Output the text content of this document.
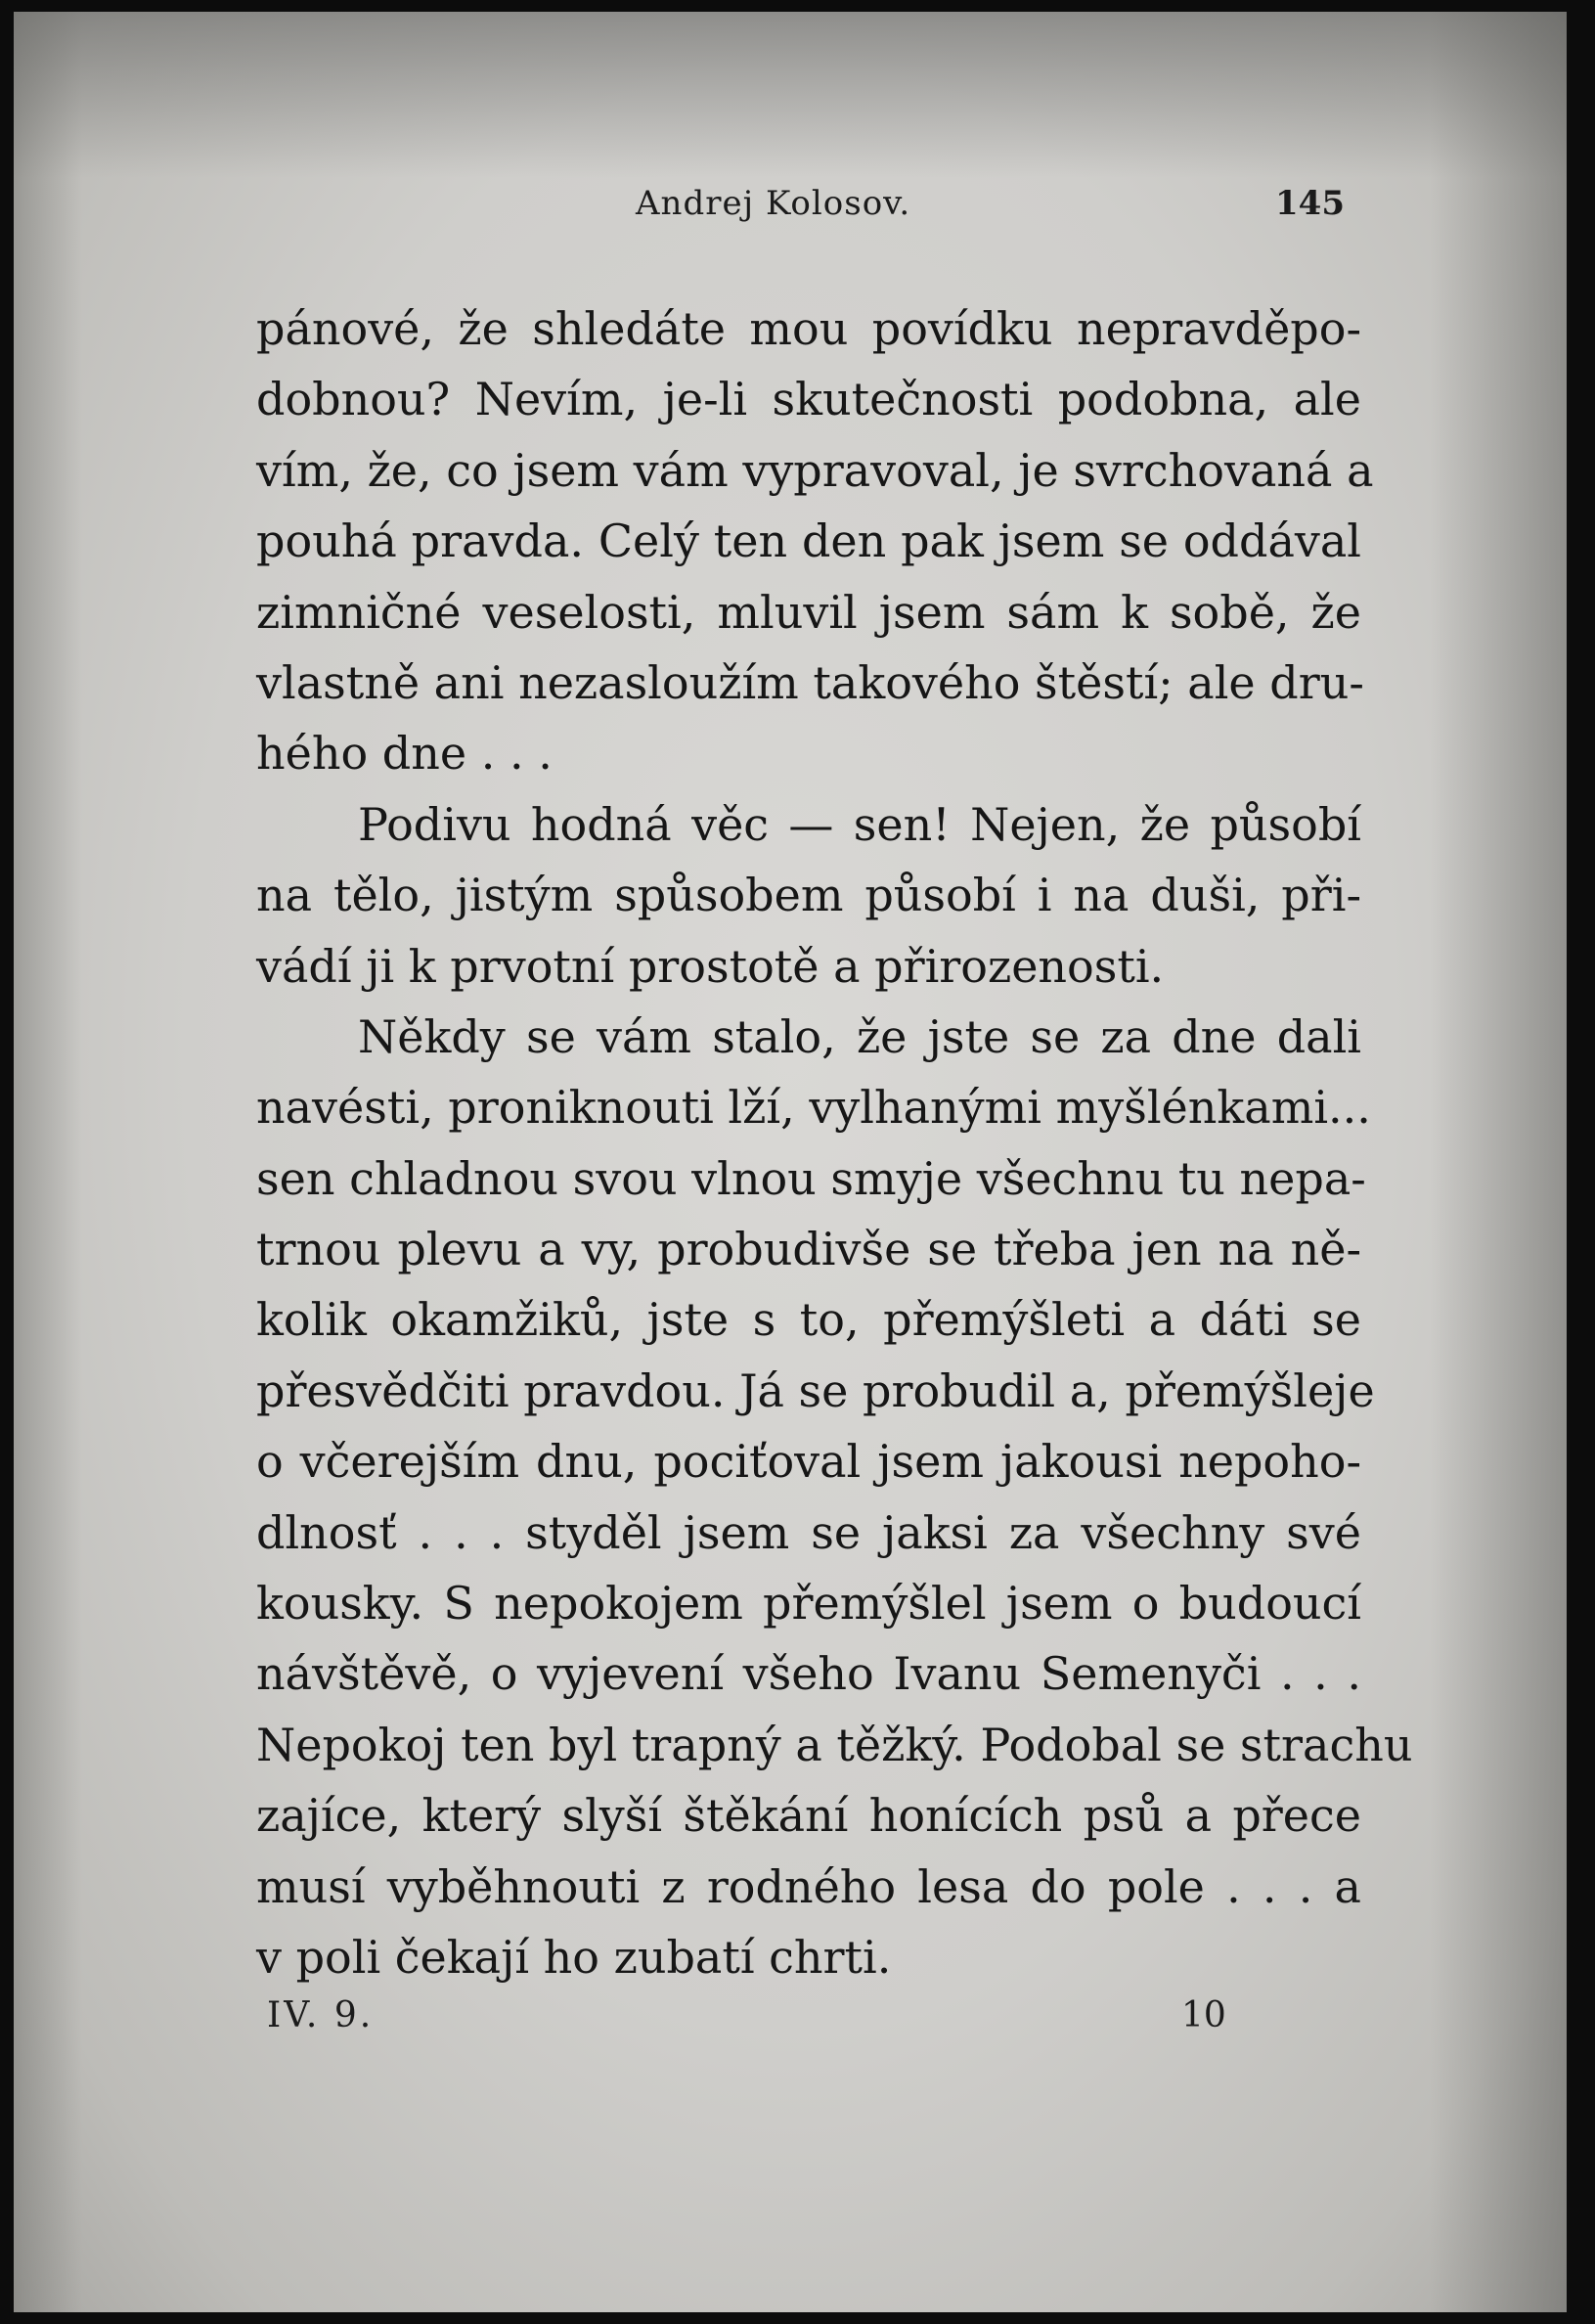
Andrej Kolosov.	145

pánové, že shledáte mou povídku nepravděpo-
dobnou? Nevím, je-li skutečnosti podobna, ale
vím, že, co jsem vám vypravoval, je svrchovaná a
pouhá pravda. Celý ten den pak jsem se oddával
zimničné veselosti, mluvil jsem sám k sobě, že
vlastně ani nezasloužím takového štěstí; ale dru-
hého dne . . .
Podivu hodná věc — sen! Nejen, že působí
na tělo, jistým spůsobem působí i na duši, při-
vádí ji k prvotní prostotě a přirozenosti.
Někdy se vám stalo, že jste se za dne dali
navésti, proniknouti lží, vylhanými myšlénkami...
sen chladnou svou vlnou smyje všechnu tu nepa-
trnou plevu a vy, probudivše se třeba jen na ně-
kolik okamžiků, jste s to, přemýšleti a dáti se
přesvědčiti pravdou. Já se probudil a, přemýšleje
o včerejším dnu, pociťoval jsem jakousi nepoho-
dlnosť . . . styděl jsem se jaksi za všechny své
kousky. S nepokojem přemýšlel jsem o budoucí
návštěvě, o vyjevení všeho Ivanu Semenyči . . .
Nepokoj ten byl trapný a těžký. Podobal se strachu
zajíce, který slyší štěkání honících psů a přece
musí vyběhnouti z rodného lesa do pole . . . a
v poli čekají ho zubatí chrti.

IV. 9.	10
